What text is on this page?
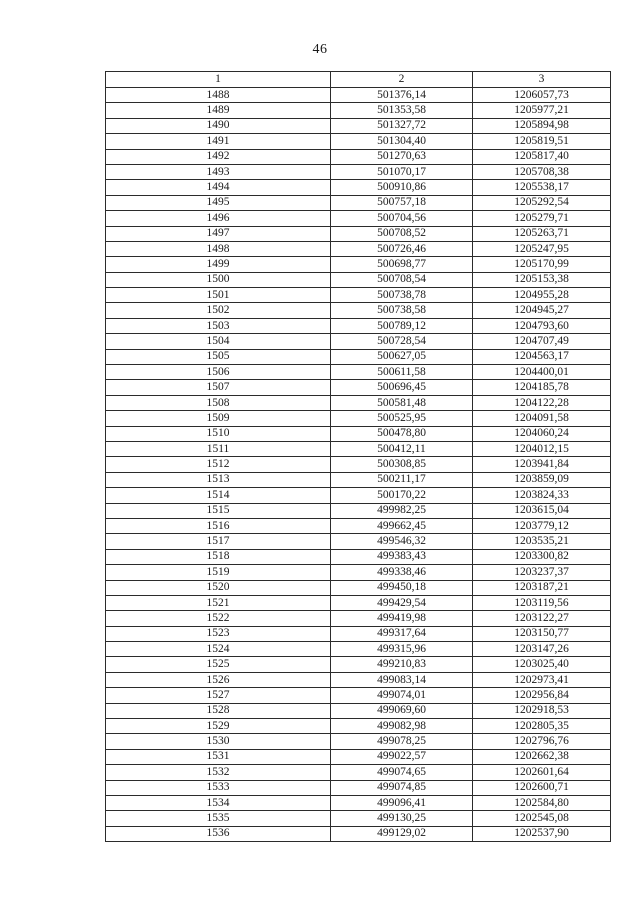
46
1	2	3
1488	501376,14	1206057,73
1489	501353,58	1205977,21
1490	501327,72	1205894,98
1491	501304,40	1205819,51
1492	501270,63	1205817,40
1493	501070,17	1205708,38
1494	500910,86	1205538,17
1495	500757,18	1205292,54
1496	500704,56	1205279,71
1497	500708,52	1205263,71
1498	500726,46	1205247,95
1499	500698,77	1205170,99
1500	500708,54	1205153,38
1501	500738,78	1204955,28
1502	500738,58	1204945,27
1503	500789,12	1204793,60
1504	500728,54	1204707,49
1505	500627,05	1204563,17
1506	500611,58	1204400,01
1507	500696,45	1204185,78
1508	500581,48	1204122,28
1509	500525,95	1204091,58
1510	500478,80	1204060,24
1511	500412,11	1204012,15
1512	500308,85	1203941,84
1513	500211,17	1203859,09
1514	500170,22	1203824,33
1515	499982,25	1203615,04
1516	499662,45	1203779,12
1517	499546,32	1203535,21
1518	499383,43	1203300,82
1519	499338,46	1203237,37
1520	499450,18	1203187,21
1521	499429,54	1203119,56
1522	499419,98	1203122,27
1523	499317,64	1203150,77
1524	499315,96	1203147,26
1525	499210,83	1203025,40
1526	499083,14	1202973,41
1527	499074,01	1202956,84
1528	499069,60	1202918,53
1529	499082,98	1202805,35
1530	499078,25	1202796,76
1531	499022,57	1202662,38
1532	499074,65	1202601,64
1533	499074,85	1202600,71
1534	499096,41	1202584,80
1535	499130,25	1202545,08
1536	499129,02	1202537,90
